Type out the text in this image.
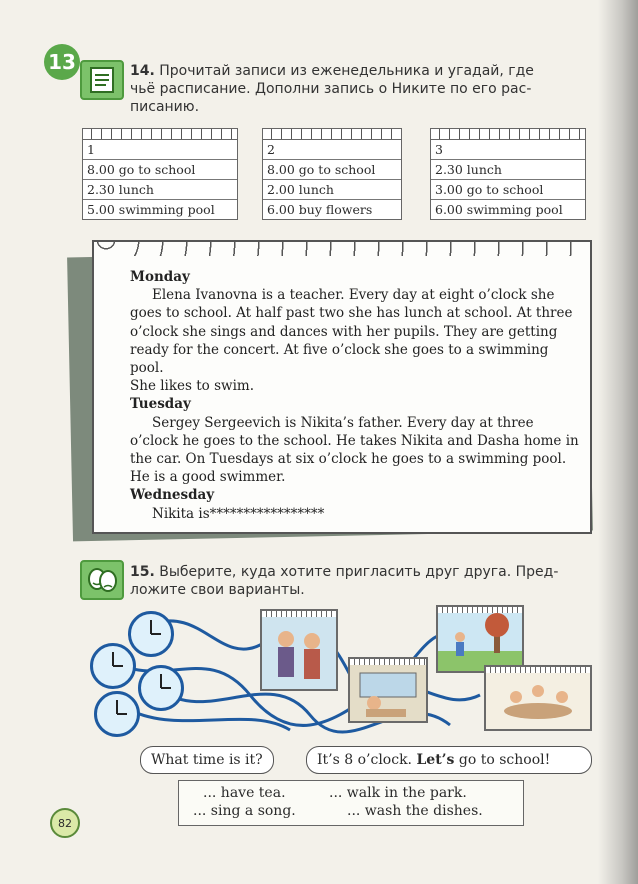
13	14. Прочитай записи из еженедельника и угадай, где
чьё расписание. Дополни запись о Никите по его рас-
писанию.
1
8.00 go to school
2.30 lunch
5.00 swimming pool
2
8.00 go to school
2.00 lunch
6.00 buy flowers
3
2.30 lunch
3.00 go to school
6.00 swimming pool
Monday
Elena Ivanovna is a teacher. Every day at eight o’clock she goes to school. At half past two she has lunch at school. At three o’clock she sings and dances with her pupils. They are getting ready for the concert. At five o’clock she goes to a swimming pool.
She likes to swim.
Tuesday
Sergey Sergeevich is Nikita’s father. Every day at three o’clock he goes to the school. He takes Nikita and Dasha home in the car. On Tuesdays at six o’clock he goes to a swimming pool. He is a good swimmer.
Wednesday
Nikita is*****************
15. Выберите, куда хотите пригласить друг друга. Пред-
ложите свои варианты.
What time is it?	It’s 8 o’clock. Let’s go to school!
... have tea.	... walk in the park.
... sing a song.	... wash the dishes.
82
